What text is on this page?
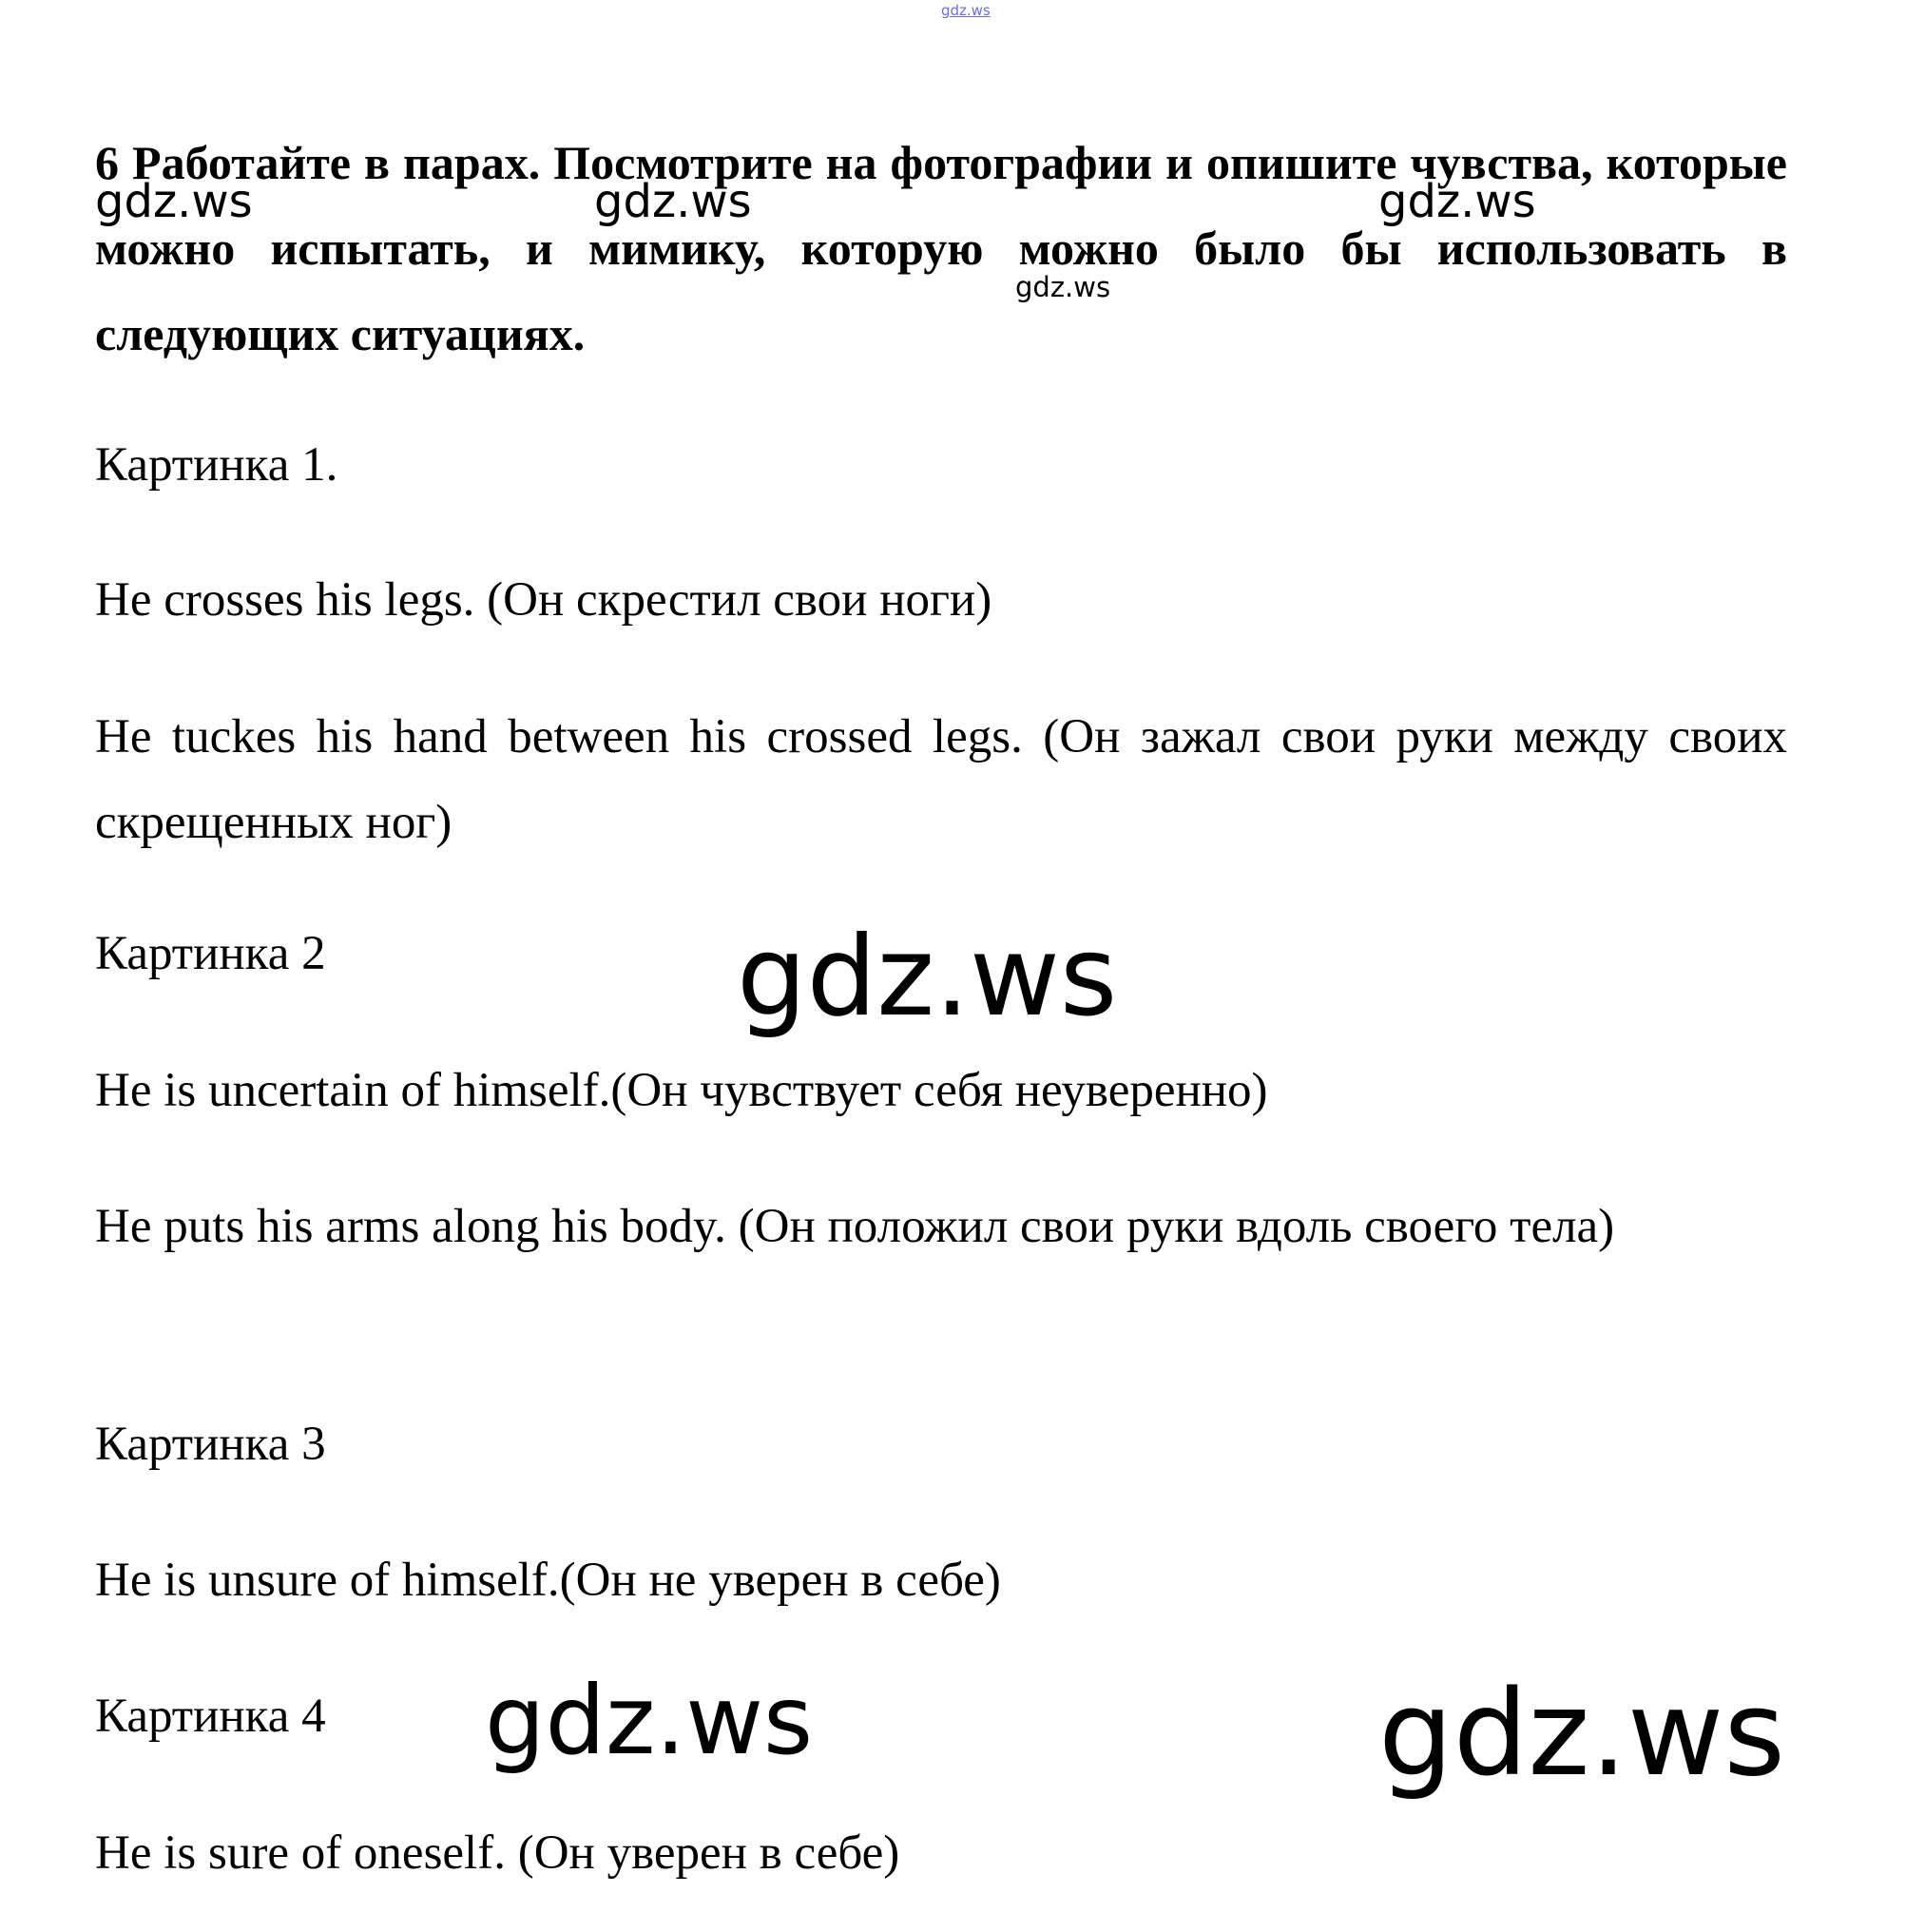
gdz.ws

6 Работайте в парах. Посмотрите на фотографии и опишите чувства, которые можно испытать, и мимику, которую можно было бы использовать в следующих ситуациях.

gdz.ws	gdz.ws	gdz.ws

gdz.ws

Картинка 1.

He crosses his legs. (Он скрестил свои ноги)

He tuckes his hand between his crossed legs. (Он зажал свои руки между своих скрещенных ног)

Картинка 2	gdz.ws

He is uncertain of himself.(Он чувствует себя неуверенно)

He puts his arms along his body. (Он положил свои руки вдоль своего тела)

Картинка 3

He is unsure of himself.(Он не уверен в себе)

Картинка 4	gdz.ws	gdz.ws

He is sure of oneself. (Он уверен в себе)
